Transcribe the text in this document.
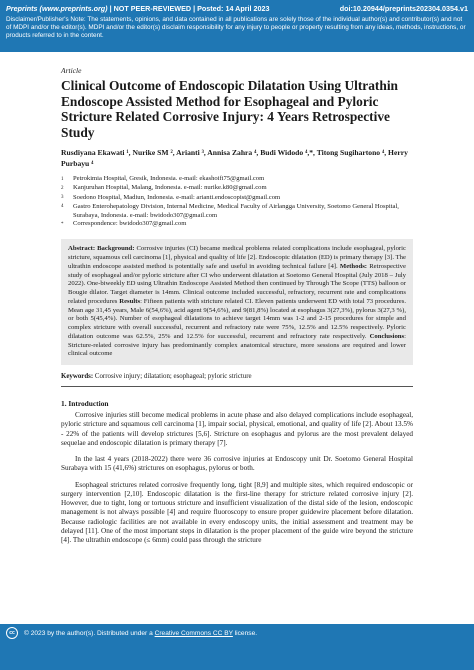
Preprints (www.preprints.org) | NOT PEER-REVIEWED | Posted: 14 April 2023	doi:10.20944/preprints202304.0354.v1
Disclaimer/Publisher's Note: The statements, opinions, and data contained in all publications are solely those of the individual author(s) and contributor(s) and not of MDPI and/or the editor(s). MDPI and/or the editor(s) disclaim responsibility for any injury to people or property resulting from any ideas, methods, instructions, or products referred to in the content.
Article
Clinical Outcome of Endoscopic Dilatation Using Ultrathin Endoscope Assisted Method for Esophageal and Pyloric Stricture Related Corrosive Injury: 4 Years Retrospective Study
Rusdiyana Ekawati ¹, Nurike SM ², Arianti ³, Annisa Zahra ⁴, Budi Widodo ⁴,*, Titong Sugihartono ⁴, Herry Purbayu ⁴
1	Petrokimia Hospital, Gresik, Indonesia. e-mail: ekashoifi75@gmail.com
2	Kanjuruhan Hospital, Malang, Indonesia. e-mail: nurike.k80@gmail.com
3	Soedono Hospital, Madiun, Indonesia. e-mail: arianti.endoscopist@gmail.com
4	Gastro Enterohepatology Division, Internal Medicine, Medical Faculty of Airlangga University, Soetomo General Hospital, Surabaya, Indonesia. e-mail: bwidodo307@gmail.com
*	Correspondence: bwidodo307@gmail.com
Abstract: Background: Corrosive injuries (CI) became medical problems related complications include esophageal, pyloric stricture, squamous cell carcinoma [1], physical and quality of life [2]. Endoscopic dilatation (ED) is primary therapy [3]. The ultrathin endoscope assisted method is potentially safe and useful in avoiding technical failure [4]. Methods: Retrospective study of esophageal and/or pyloric stricture after CI who underwent dilatation at Soetomo General Hospital (July 2018 – July 2022). One-biweekly ED using Ultrathin Endoscope Assisted Method then continued by Through The Scope (TTS) balloon or Bougie dilator. Target diameter is 14mm. Clinical outcome included successful, refractory, recurrent rate and complications related procedures Results: Fifteen patients with stricture related CI. Eleven patients underwent ED with total 73 procedures. Mean age 31,45 years, Male 6(54,6%), acid agent 9(54,6%), and 9(81,8%) located at esophagus 3(27,3%), pylorus 3(27,3 %), or both 5(45,4%). Number of esophageal dilatations to achieve target 14mm was 1-2 and 2-15 procedures for simple and complex stricture with overall successful, recurrent and refractory rate were 75%, 12.5% and 12.5% respectively. Pyloric dilatation outcome was 62.5%, 25% and 12.5% for successful, recurrent and refractory rate respectively. Conclusions: Stricture-related corrosive injury has predominantly complex anatomical structure, more sessions are required and lower clinical outcome
Keywords: Corrosive injury; dilatation; esophageal; pyloric stricture
1. Introduction

Corrosive injuries still become medical problems in acute phase and also delayed complications include esophageal, pyloric stricture and squamous cell carcinoma [1], impair social, physical, emotional, and quality of life [2]. About 13.5% - 22% of the patients will develop strictures [5,6]. Stricture on esophagus and pylorus are the most prevalent delayed sequelae and endoscopic dilatation is primary therapy [7].

In the last 4 years (2018-2022) there were 36 corrosive injuries at Endoscopy unit Dr. Soetomo General Hospital Surabaya with 15 (41,6%) strictures on esophagus, pylorus or both.

Esophageal strictures related corrosive frequently long, tight [8,9] and multiple sites, which required endoscopic or surgery intervention [2,10]. Endoscopic dilatation is the first-line therapy for stricture related corrosive injury [2]. However, due to tight, long or tortuous stricture and insufficient visualization of the distal side of the lesion, endoscopic management is not always possible [4] and require fluoroscopy to ensure proper guidewire placement before dilatation. Because radiologic facilities are not available in every endoscopy units, the initial assessment and treatment may be delayed [11]. One of the most important steps in dilatation is the proper placement of the guide wire beyond the stricture [4]. The ultrathin endoscope (≤ 6mm) could pass through the stricture

cc	© 2023 by the author(s). Distributed under a Creative Commons CC BY license.
